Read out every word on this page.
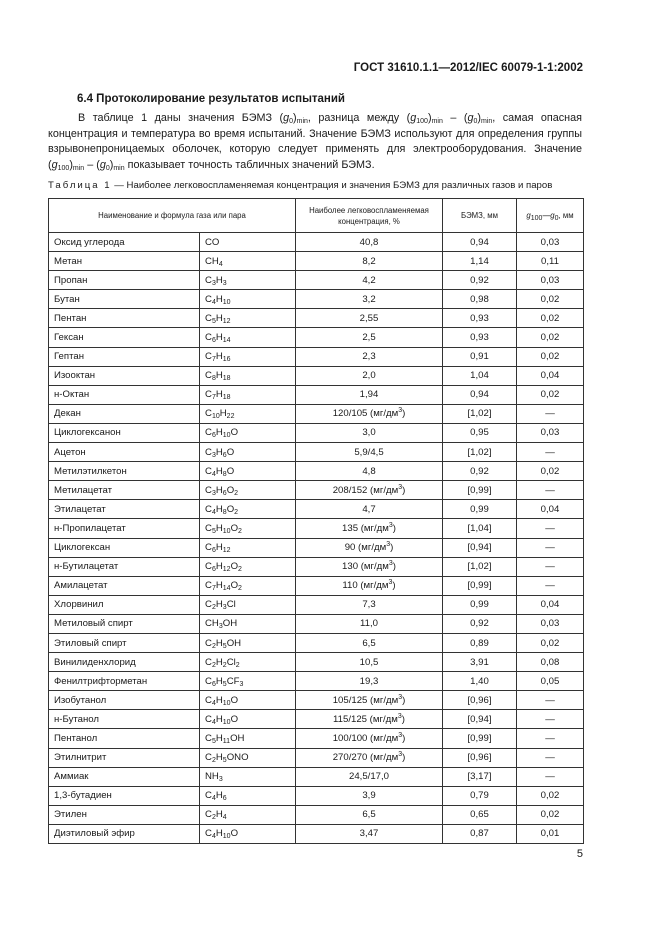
ГОСТ 31610.1.1—2012/IEC 60079-1-1:2002
6.4 Протоколирование результатов испытаний
В таблице 1 даны значения БЭМЗ $(g_0)_{min}$, разница между $(g_{100})_{min} - (g_0)_{min}$, самая опасная концентрация и температура во время испытаний. Значение БЭМЗ используют для определения группы взрывонепроницаемых оболочек, которую следует применять для электрооборудования. Значение $(g_{100})_{min} - (g_0)_{min}$ показывает точность табличных значений БЭМЗ.
Таблица 1 — Наиболее легковоспламеняемая концентрация и значения БЭМЗ для различных газов и паров
Наименование и формула газа или пара		Наиболее легковоспламеняемая концентрация, %	БЭМЗ, мм	$g_{100}—g_0$, мм
Оксид углерода	CO	40,8	0,94	0,03
Метан	$CH_4$	8,2	1,14	0,11
Пропан	$C_3H_3$	4,2	0,92	0,03
Бутан	$C_4H_{10}$	3,2	0,98	0,02
Пентан	$C_5H_{12}$	2,55	0,93	0,02
Гексан	$C_6H_{14}$	2,5	0,93	0,02
Гептан	$C_7H_{16}$	2,3	0,91	0,02
Изооктан	$C_8H_{18}$	2,0	1,04	0,04
н-Октан	$C_7H_{18}$	1,94	0,94	0,02
Декан	$C_{10}H_{22}$	120/105 $(мг/дм^3)$	[1,02]	—
Циклогексанон	$C_6H_{10}O$	3,0	0,95	0,03
Ацетон	$C_3H_6O$	5,9/4,5	[1,02]	—
Метилэтилкетон	$C_4H_8O$	4,8	0,92	0,02
Метилацетат	$C_3H_6O_2$	208/152 $(мг/дм^3)$	[0,99]	—
Этилацетат	$C_4H_8O_2$	4,7	0,99	0,04
н-Пропилацетат	$C_5H_{10}O_2$	135 $(мг/дм^3)$	[1,04]	—
Циклогексан	$C_6H_{12}$	90 $(мг/дм^3)$	[0,94]	—
н-Бутилацетат	$C_6H_{12}O_2$	130 $(мг/дм^3)$	[1,02]	—
Амилацетат	$C_7H_{14}O_2$	110 $(мг/дм^3)$	[0,99]	—
Хлорвинил	$C_2H_3Cl$	7,3	0,99	0,04
Метиловый спирт	$CH_3OH$	11,0	0,92	0,03
Этиловый спирт	$C_2H_5OH$	6,5	0,89	0,02
Винилиденхлорид	$C_2H_2Cl_2$	10,5	3,91	0,08
Фенилтрифторметан	$C_6H_5CF_3$	19,3	1,40	0,05
Изобутанол	$C_4H_{10}O$	105/125 $(мг/дм^3)$	[0,96]	—
н-Бутанол	$C_4H_{10}O$	115/125 $(мг/дм^3)$	[0,94]	—
Пентанол	$C_5H_{11}OH$	100/100 $(мг/дм^3)$	[0,99]	—
Этилнитрит	$C_2H_5ONO$	270/270 $(мг/дм^3)$	[0,96]	—
Аммиак	$NH_3$	24,5/17,0	[3,17]	—
1,3-бутадиен	$C_4H_6$	3,9	0,79	0,02
Этилен	$C_2H_4$	6,5	0,65	0,02
Диэтиловый эфир	$C_4H_{10}O$	3,47	0,87	0,01
5
